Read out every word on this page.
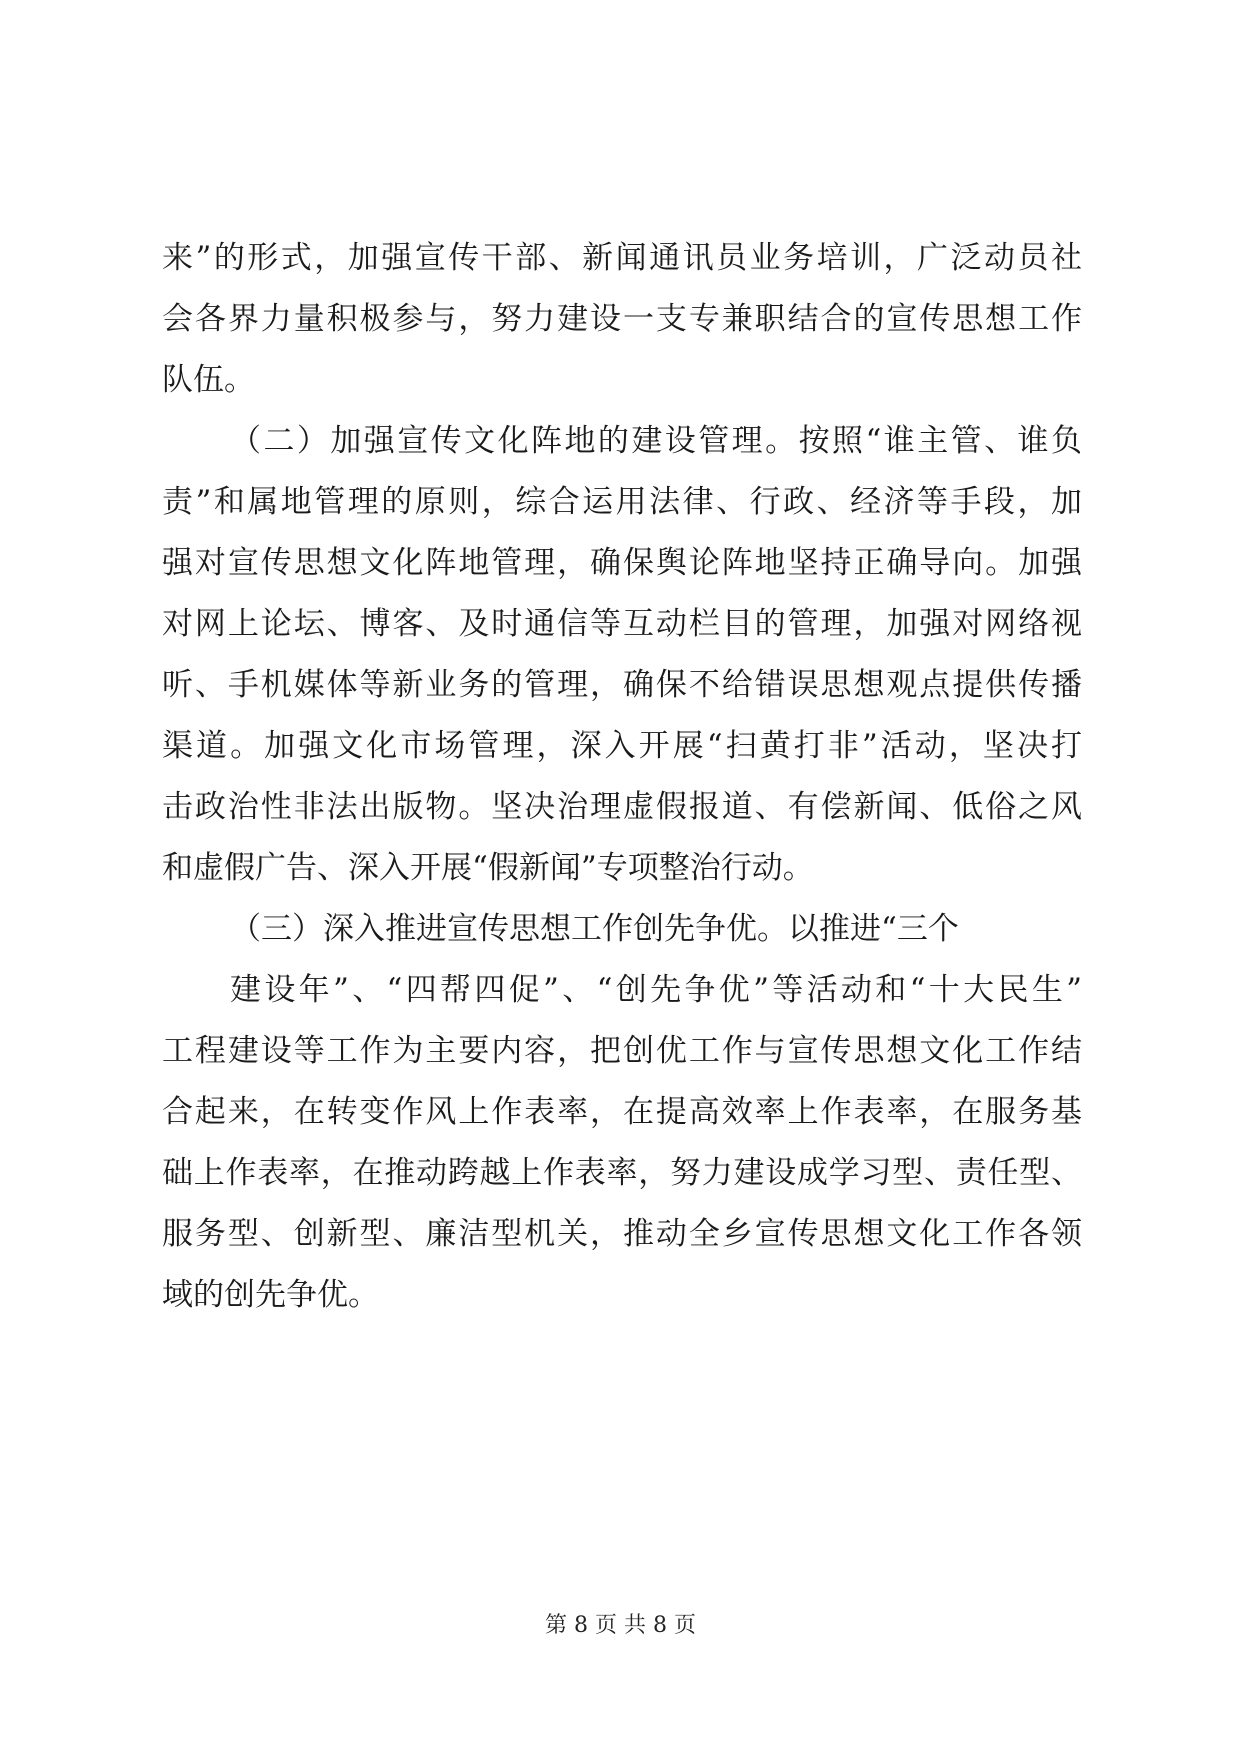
来”的形式，加强宣传干部、新闻通讯员业务培训，广泛动员社
会各界力量积极参与，努力建设一支专兼职结合的宣传思想工作
队伍。
（二）加强宣传文化阵地的建设管理。按照“谁主管、谁负
责”和属地管理的原则，综合运用法律、行政、经济等手段，加
强对宣传思想文化阵地管理，确保舆论阵地坚持正确导向。加强
对网上论坛、博客、及时通信等互动栏目的管理，加强对网络视
听、手机媒体等新业务的管理，确保不给错误思想观点提供传播
渠道。加强文化市场管理，深入开展“扫黄打非”活动，坚决打
击政治性非法出版物。坚决治理虚假报道、有偿新闻、低俗之风
和虚假广告、深入开展“假新闻”专项整治行动。
（三）深入推进宣传思想工作创先争优。以推进“三个
建设年”、“四帮四促”、“创先争优”等活动和“十大民生”
工程建设等工作为主要内容，把创优工作与宣传思想文化工作结
合起来，在转变作风上作表率，在提高效率上作表率，在服务基
础上作表率，在推动跨越上作表率，努力建设成学习型、责任型、
服务型、创新型、廉洁型机关，推动全乡宣传思想文化工作各领
域的创先争优。
第 8 页 共 8 页
